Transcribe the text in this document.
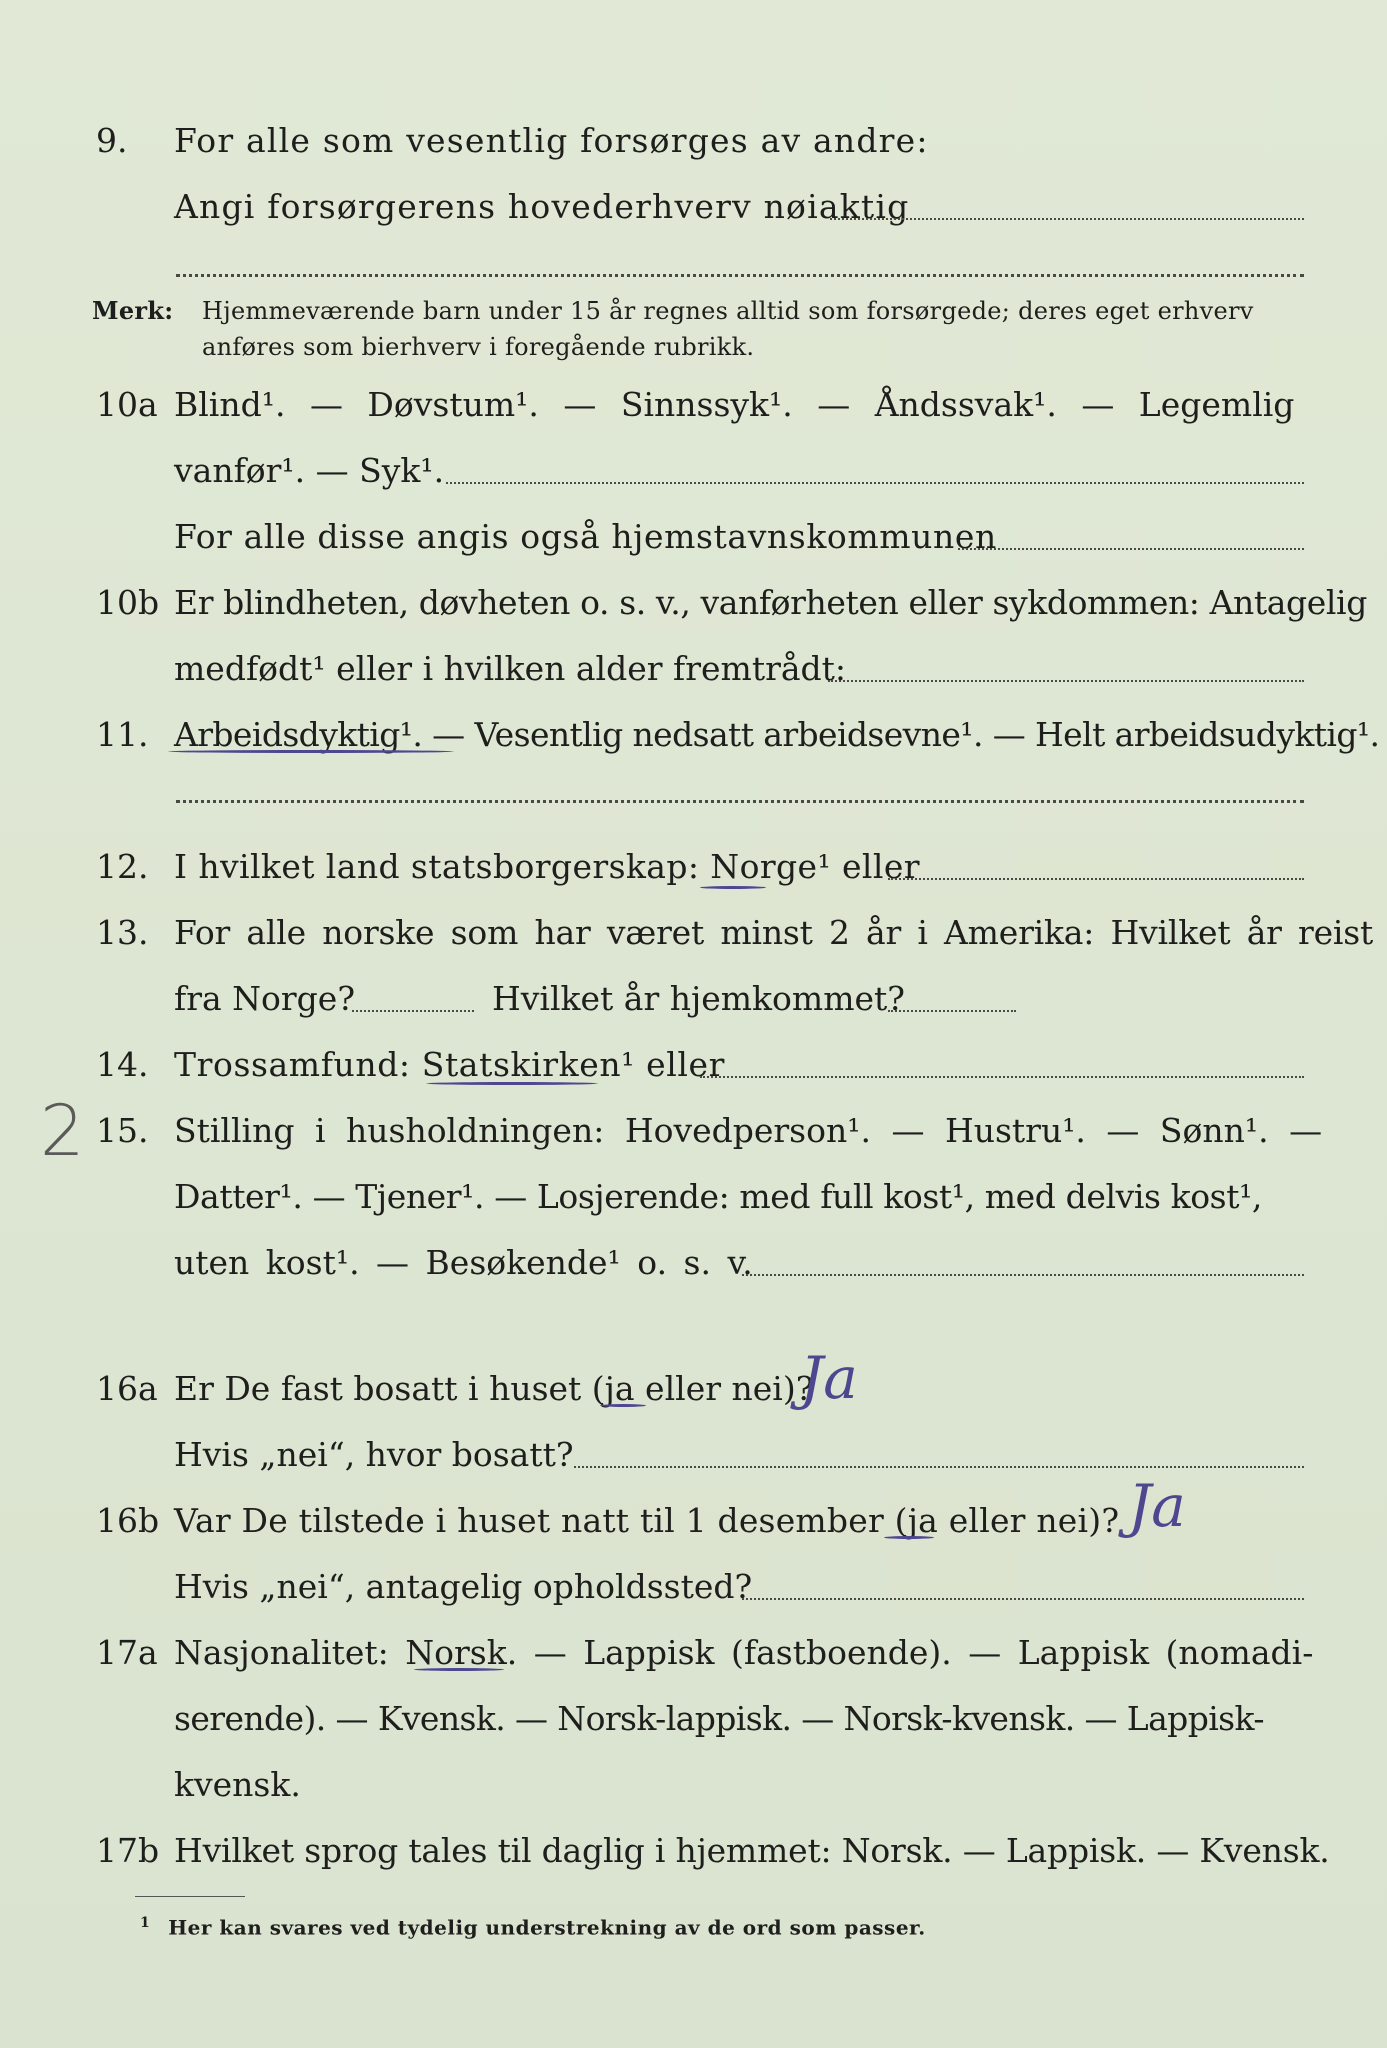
9. For alle som vesentlig forsørges av andre:
Angi forsørgerens hovederhverv nøiaktig
Merk: Hjemmeværende barn under 15 år regnes alltid som forsørgede; deres eget erhverv
anføres som bierhverv i foregående rubrikk.
10a Blind¹. — Døvstum¹. — Sinnssyk¹. — Åndssvak¹. — Legemlig
vanfør¹. — Syk¹.
For alle disse angis også hjemstavnskommunen
10b Er blindheten, døvheten o. s. v., vanførheten eller sykdommen: Antagelig
medfødt¹ eller i hvilken alder fremtrådt:
11. Arbeidsdyktig¹. — Vesentlig nedsatt arbeidsevne¹. — Helt arbeidsudyktig¹.
12. I hvilket land statsborgerskap: Norge¹ eller
13. For alle norske som har været minst 2 år i Amerika: Hvilket år reist
fra Norge?	Hvilket år hjemkommet?
14. Trossamfund: Statskirken¹ eller
2 15. Stilling i husholdningen: Hovedperson¹. — Hustru¹. — Sønn¹. —
Datter¹. — Tjener¹. — Losjerende: med full kost¹, med delvis kost¹,
uten kost¹. — Besøkende¹ o. s. v.
16a Er De fast bosatt i huset (ja eller nei)?
Ja
Hvis „nei“, hvor bosatt?
16b Var De tilstede i huset natt til 1 desember (ja eller nei)? Ja
Hvis „nei“, antagelig opholdssted?
17a Nasjonalitet: Norsk. — Lappisk (fastboende). — Lappisk (nomadi-
serende). — Kvensk. — Norsk-lappisk. — Norsk-kvensk. — Lappisk-
kvensk.
17b Hvilket sprog tales til daglig i hjemmet: Norsk. — Lappisk. — Kvensk.
$^1$ Her kan svares ved tydelig understrekning av de ord som passer.
